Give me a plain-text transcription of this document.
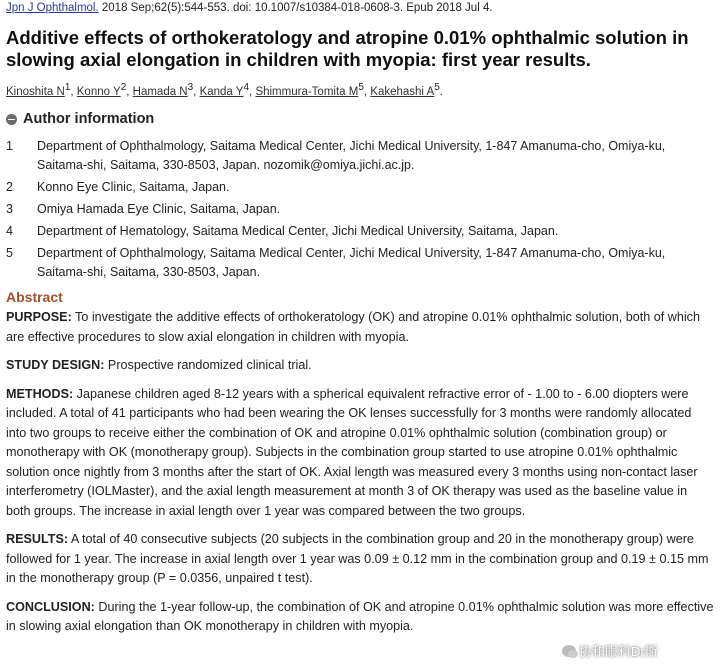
Jpn J Ophthalmol. 2018 Sep;62(5):544-553. doi: 10.1007/s10384-018-0608-3. Epub 2018 Jul 4.
Additive effects of orthokeratology and atropine 0.01% ophthalmic solution in slowing axial elongation in children with myopia: first year results.
Kinoshita $N^1$, Konno $Y^2$, Hamada $N^3$, Kanda $Y^4$, Shimmura-Tomita $M^5$, Kakehashi $A^5$.
Author information
1	Department of Ophthalmology, Saitama Medical Center, Jichi Medical University, 1-847 Amanuma-cho, Omiya-ku, Saitama-shi, Saitama, 330-8503, Japan. nozomik@omiya.jichi.ac.jp.
2	Konno Eye Clinic, Saitama, Japan.
3	Omiya Hamada Eye Clinic, Saitama, Japan.
4	Department of Hematology, Saitama Medical Center, Jichi Medical University, Saitama, Japan.
5	Department of Ophthalmology, Saitama Medical Center, Jichi Medical University, 1-847 Amanuma-cho, Omiya-ku, Saitama-shi, Saitama, 330-8503, Japan.
Abstract

PURPOSE: To investigate the additive effects of orthokeratology (OK) and atropine 0.01% ophthalmic solution, both of which are effective procedures to slow axial elongation in children with myopia.

STUDY DESIGN: Prospective randomized clinical trial.

METHODS: Japanese children aged 8-12 years with a spherical equivalent refractive error of - 1.00 to - 6.00 diopters were included. A total of 41 participants who had been wearing the OK lenses successfully for 3 months were randomly allocated into two groups to receive either the combination of OK and atropine 0.01% ophthalmic solution (combination group) or monotherapy with OK (monotherapy group). Subjects in the combination group started to use atropine 0.01% ophthalmic solution once nightly from 3 months after the start of OK. Axial length was measured every 3 months using non-contact laser interferometry (IOLMaster), and the axial length measurement at month 3 of OK therapy was used as the baseline value in both groups. The increase in axial length over 1 year was compared between the two groups.

RESULTS: A total of 40 consecutive subjects (20 subjects in the combination group and 20 in the monotherapy group) were followed for 1 year. The increase in axial length over 1 year was 0.09 ± 0.12 mm in the combination group and 0.19 ± 0.15 mm in the monotherapy group (P = 0.0356, unpaired t test).

CONCLUSION: During the 1-year follow-up, the combination of OK and atropine 0.01% ophthalmic solution was more effective in slowing axial elongation than OK monotherapy in children with myopia.

协和眼科Dr斯
